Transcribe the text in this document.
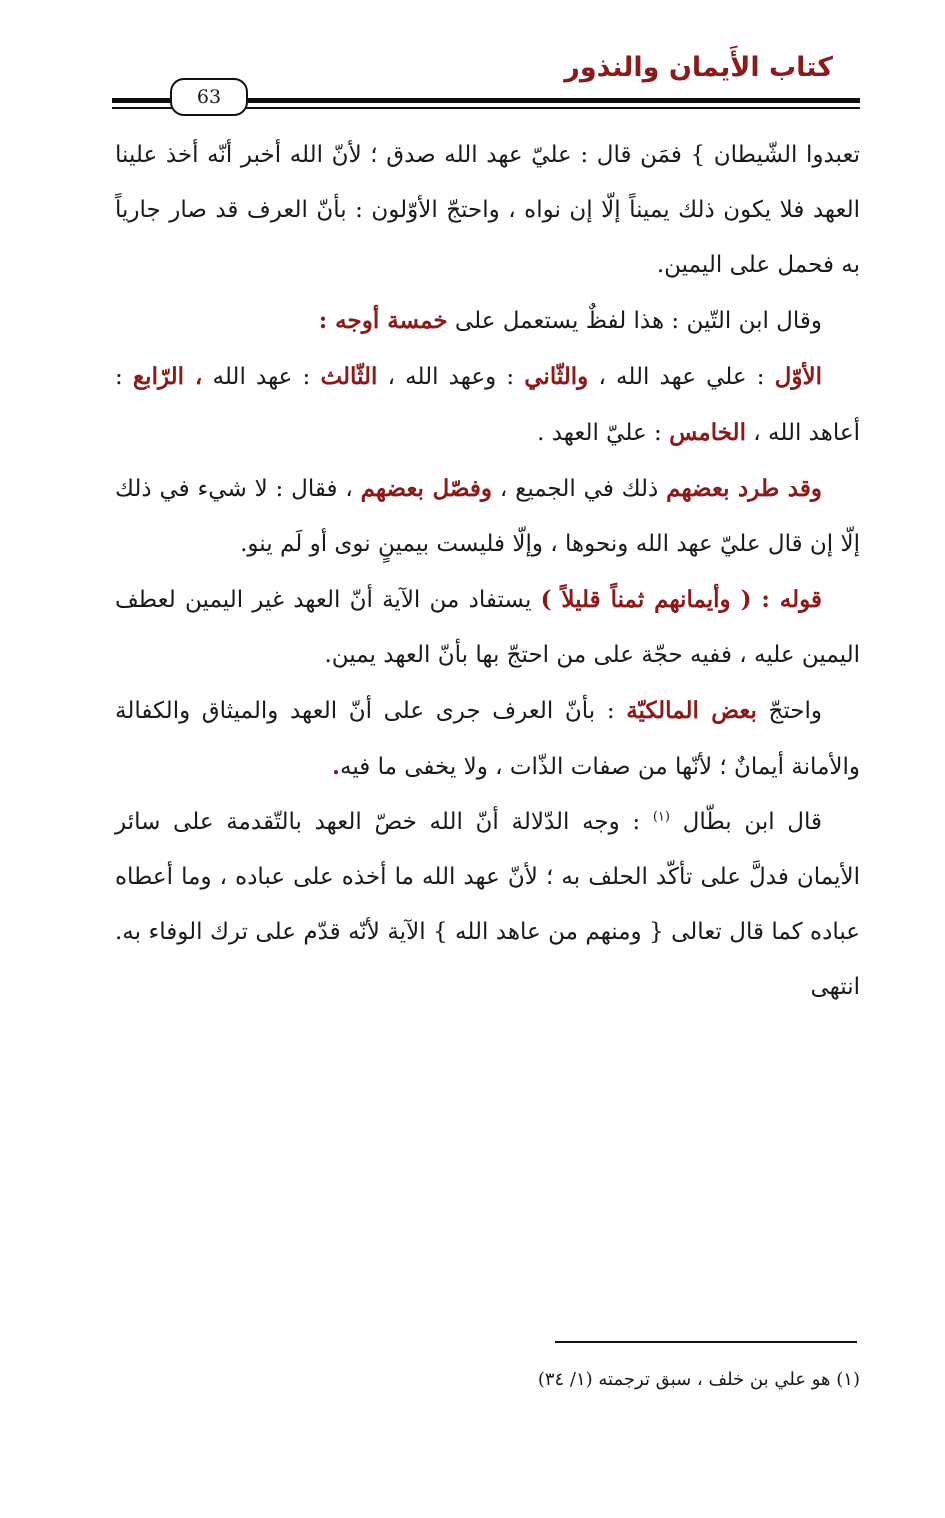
كتاب الأَيمان والنذور
63

تعبدوا الشّيطان } فمَن قال : عليّ عهد الله صدق ؛ لأنّ الله أخبر أنّه أخذ علينا العهد فلا يكون ذلك يميناً إلّا إن نواه ، واحتجّ الأوّلون : بأنّ العرف قد صار جارياً به فحمل على اليمين.

وقال ابن التّين : هذا لفظٌ يستعمل على خمسة أوجه :

الأوّل : علي عهد الله ، والثّاني : وعهد الله ، الثّالث : عهد الله ، الرّابع : أعاهد الله ، الخامس : عليّ العهد .

وقد طرد بعضهم ذلك في الجميع ، وفصّل بعضهم ، فقال : لا شيء في ذلك إلّا إن قال عليّ عهد الله ونحوها ، وإلّا فليست بيمينٍ نوى أو لَم ينو.

قوله : ( وأيمانهم ثمناً قليلاً ) يستفاد من الآية أنّ العهد غير اليمين لعطف اليمين عليه ، ففيه حجّة على من احتجّ بها بأنّ العهد يمين.

واحتجّ بعض المالكيّة : بأنّ العرف جرى على أنّ العهد والميثاق والكفالة والأمانة أيمانٌ ؛ لأنّها من صفات الذّات ، ولا يخفى ما فيه.

قال ابن بطّال $^{(١)}$ : وجه الدّلالة أنّ الله خصّ العهد بالتّقدمة على سائر الأيمان فدلَّ على تأكّد الحلف به ؛ لأنّ عهد الله ما أخذه على عباده ، وما أعطاه عباده كما قال تعالى { ومنهم من عاهد الله } الآية لأنّه قدّم على ترك الوفاء به. انتهى

(١) هو علي بن خلف ، سبق ترجمته (١/ ٣٤)
